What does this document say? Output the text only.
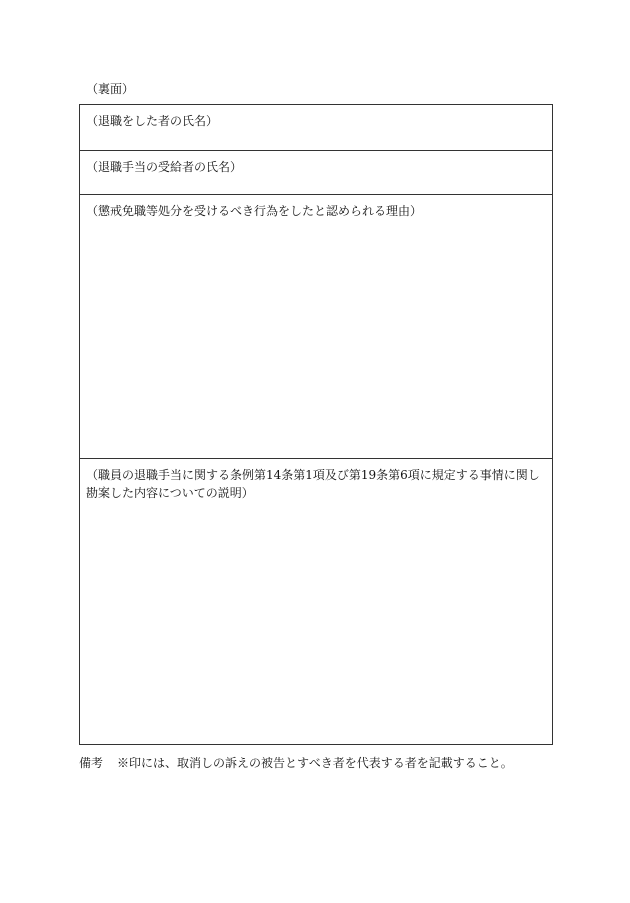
（裏面）
（退職をした者の氏名）
（退職手当の受給者の氏名）
（懲戒免職等処分を受けるべき行為をしたと認められる理由）
（職員の退職手当に関する条例第14条第1項及び第19条第6項に規定する事情に関し勘案した内容についての説明）
備考 ※印には、取消しの訴えの被告とすべき者を代表する者を記載すること。
